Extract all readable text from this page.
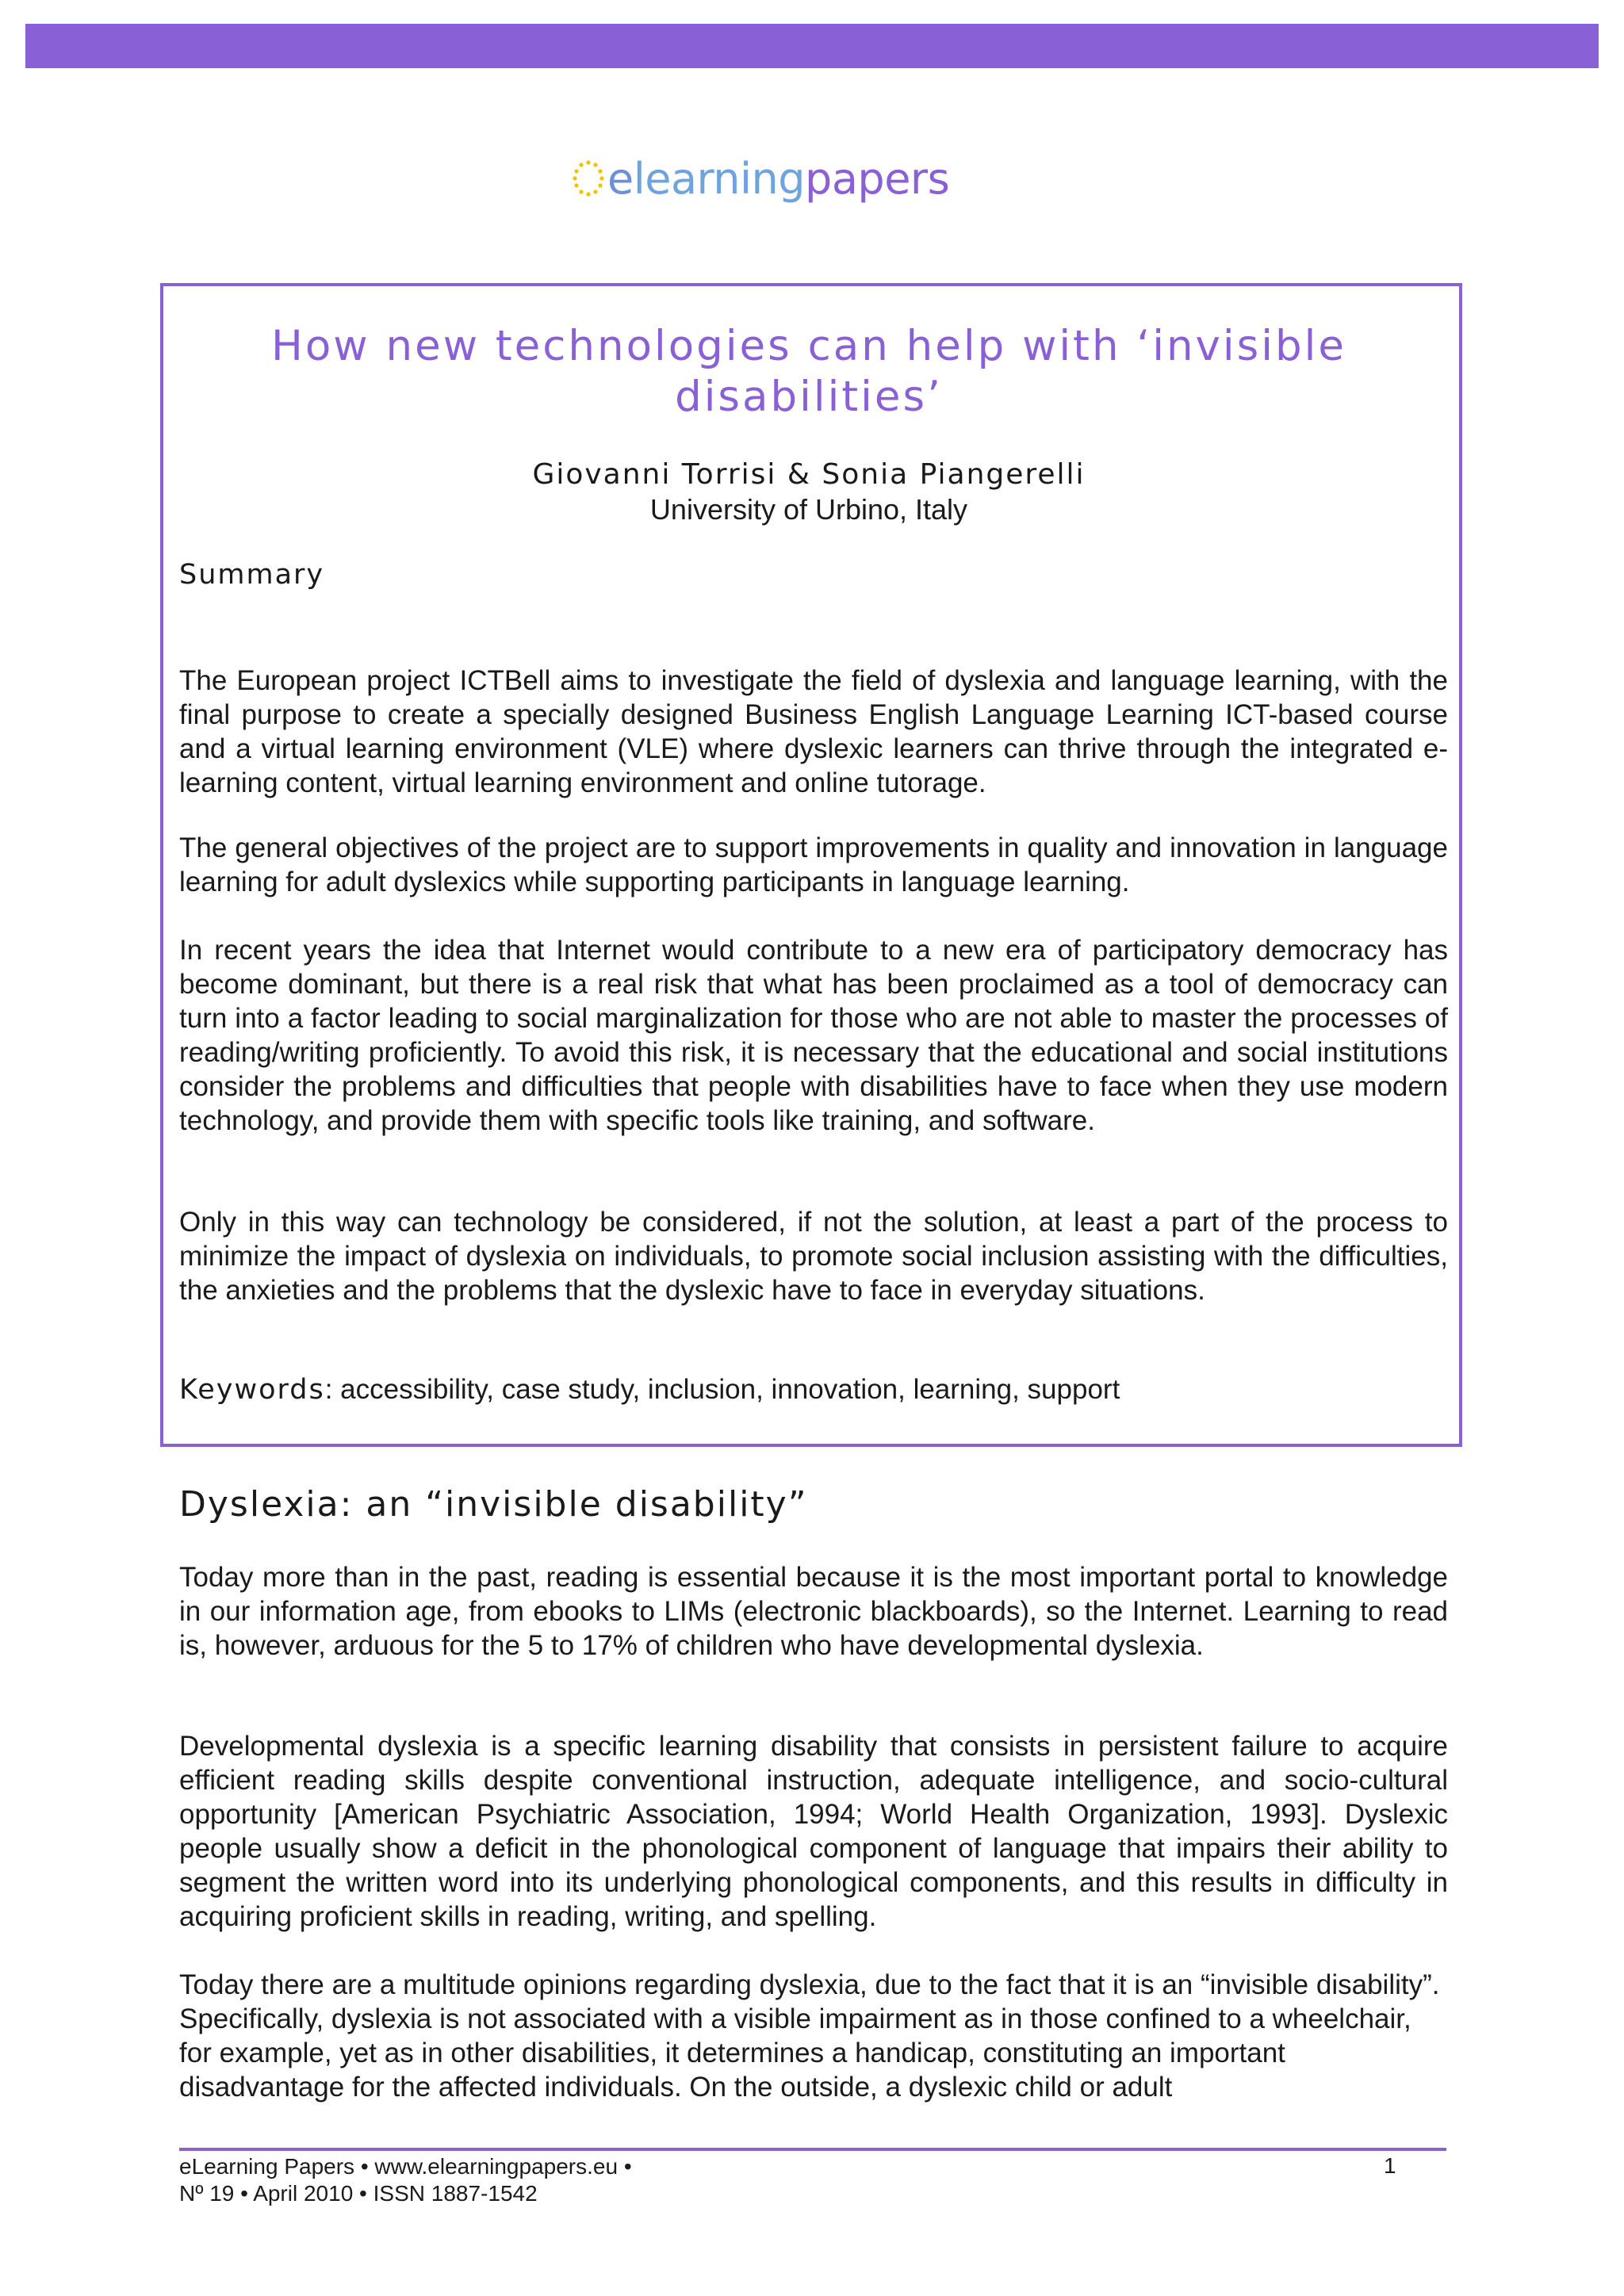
elearningpapers
How new technologies can help with ‘invisible disabilities’

Giovanni Torrisi & Sonia Piangerelli

University of Urbino, Italy

Summary

The European project ICTBell aims to investigate the field of dyslexia and language learning, with the final purpose to create a specially designed Business English Language Learning ICT-based course and a virtual learning environment (VLE) where dyslexic learners can thrive through the integrated e-learning content, virtual learning environment and online tutorage.

The general objectives of the project are to support improvements in quality and innovation in language learning for adult dyslexics while supporting participants in language learning.

In recent years the idea that Internet would contribute to a new era of participatory democracy has become dominant, but there is a real risk that what has been proclaimed as a tool of democracy can turn into a factor leading to social marginalization for those who are not able to master the processes of reading/writing proficiently. To avoid this risk, it is necessary that the educational and social institutions consider the problems and difficulties that people with disabilities have to face when they use modern technology, and provide them with specific tools like training, and software.

Only in this way can technology be considered, if not the solution, at least a part of the process to minimize the impact of dyslexia on individuals, to promote social inclusion assisting with the difficulties, the anxieties and the problems that the dyslexic have to face in everyday situations.

Keywords: accessibility, case study, inclusion, innovation, learning, support

Dyslexia: an “invisible disability”

Today more than in the past, reading is essential because it is the most important portal to knowledge in our information age, from ebooks to LIMs (electronic blackboards), so the Internet. Learning to read is, however, arduous for the 5 to 17% of children who have developmental dyslexia.

Developmental dyslexia is a specific learning disability that consists in persistent failure to acquire efficient reading skills despite conventional instruction, adequate intelligence, and socio-cultural opportunity [American Psychiatric Association, 1994; World Health Organization, 1993]. Dyslexic people usually show a deficit in the phonological component of language that impairs their ability to segment the written word into its underlying phonological components, and this results in difficulty in acquiring proficient skills in reading, writing, and spelling.

Today there are a multitude opinions regarding dyslexia, due to the fact that it is an “invisible disability”. Specifically, dyslexia is not associated with a visible impairment as in those confined to a wheelchair, for example, yet as in other disabilities, it determines a handicap, constituting an important disadvantage for the affected individuals. On the outside, a dyslexic child or adult

eLearning Papers • www.elearningpapers.eu •
Nº 19 • April 2010 • ISSN 1887-1542
1
